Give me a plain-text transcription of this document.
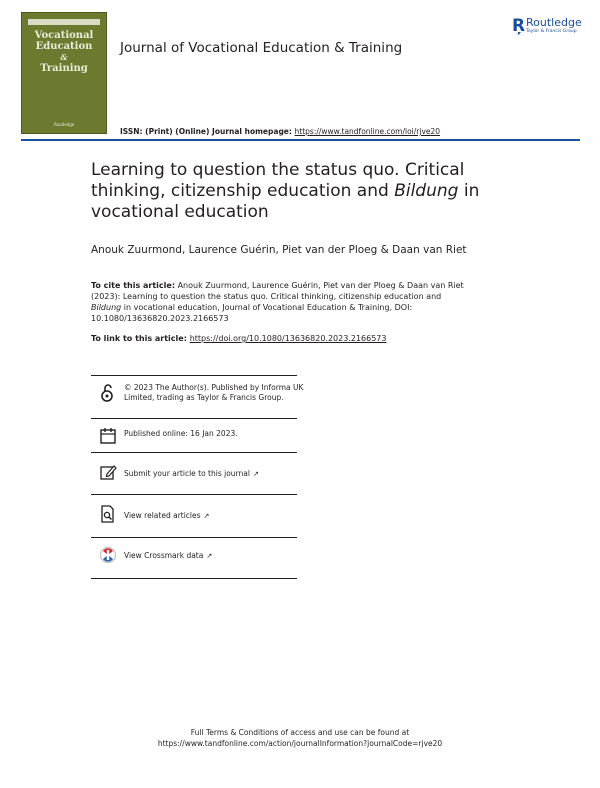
Vocational
Education
&
Training
Routledge
Journal of Vocational Education & Training
Ŗ Routledge
Taylor & Francis Group
ISSN: (Print) (Online) Journal homepage: https://www.tandfonline.com/loi/rjve20
Learning to question the status quo. Critical thinking, citizenship education and Bildung in vocational education
Anouk Zuurmond, Laurence Guérin, Piet van der Ploeg & Daan van Riet
To cite this article: Anouk Zuurmond, Laurence Guérin, Piet van der Ploeg & Daan van Riet (2023): Learning to question the status quo. Critical thinking, citizenship education and Bildung in vocational education, Journal of Vocational Education & Training, DOI: 10.1080/13636820.2023.2166573
To link to this article: https://doi.org/10.1080/13636820.2023.2166573
© 2023 The Author(s). Published by Informa UK Limited, trading as Taylor & Francis Group.
Published online: 16 Jan 2023.
Submit your article to this journal ↗
View related articles ↗
View Crossmark data ↗
Full Terms & Conditions of access and use can be found at
https://www.tandfonline.com/action/journalInformation?journalCode=rjve20
